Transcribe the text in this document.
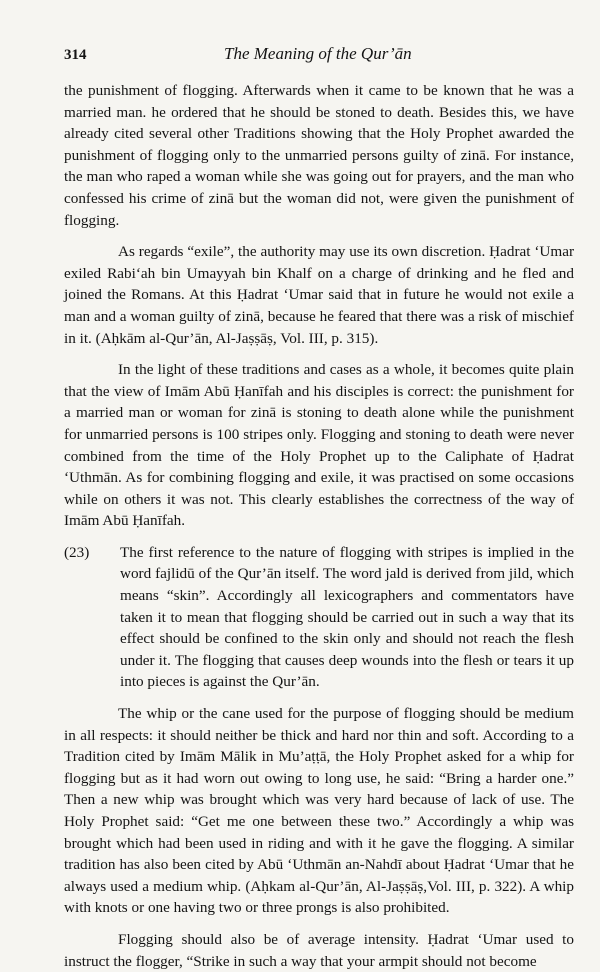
314	The Meaning of the Qur’ān

the punishment of flogging. Afterwards when it came to be known that he was a married man. he ordered that he should be stoned to death. Besides this, we have already cited several other Traditions showing that the Holy Prophet awarded the punishment of flogging only to the unmarried persons guilty of zinā. For instance, the man who raped a woman while she was going out for prayers, and the man who confessed his crime of zinā but the woman did not, were given the punishment of flogging.

As regards “exile”, the authority may use its own discretion. Ḥadrat ‘Umar exiled Rabi‘ah bin Umayyah bin Khalf on a charge of drinking and he fled and joined the Romans. At this Ḥadrat ‘Umar said that in future he would not exile a man and a woman guilty of zinā, because he feared that there was a risk of mischief in it. (Aḥkām al-Qur’ān, Al-Jaṣṣāṣ, Vol. III, p. 315).

In the light of these traditions and cases as a whole, it becomes quite plain that the view of Imām Abū Ḥanīfah and his disciples is correct: the punishment for a married man or woman for zinā is stoning to death alone while the punishment for unmarried persons is 100 stripes only. Flogging and stoning to death were never combined from the time of the Holy Prophet up to the Caliphate of Ḥadrat ‘Uthmān. As for combining flogging and exile, it was practised on some occasions while on others it was not. This clearly establishes the correctness of the way of Imām Abū Ḥanīfah.

(23)	The first reference to the nature of flogging with stripes is implied in the word fajlidū of the Qur’ān itself. The word jald is derived from jild, which means “skin”. Accordingly all lexicographers and commentators have taken it to mean that flogging should be carried out in such a way that its effect should be confined to the skin only and should not reach the flesh under it. The flogging that causes deep wounds into the flesh or tears it up into pieces is against the Qur’ān.

The whip or the cane used for the purpose of flogging should be medium in all respects: it should neither be thick and hard nor thin and soft. According to a Tradition cited by Imām Mālik in Mu’aṭṭā, the Holy Prophet asked for a whip for flogging but as it had worn out owing to long use, he said: “Bring a harder one.” Then a new whip was brought which was very hard because of lack of use. The Holy Prophet said: “Get me one between these two.” Accordingly a whip was brought which had been used in riding and with it he gave the flogging. A similar tradition has also been cited by Abū ‘Uthmān an-Nahdī about Ḥadrat ‘Umar that he always used a medium whip. (Aḥkam al-Qur’ān, Al-Jaṣṣāṣ,Vol. III, p. 322). A whip with knots or one having two or three prongs is also prohibited.

Flogging should also be of average intensity. Ḥadrat ‘Umar used to instruct the flogger, “Strike in such a way that your armpit should not become
